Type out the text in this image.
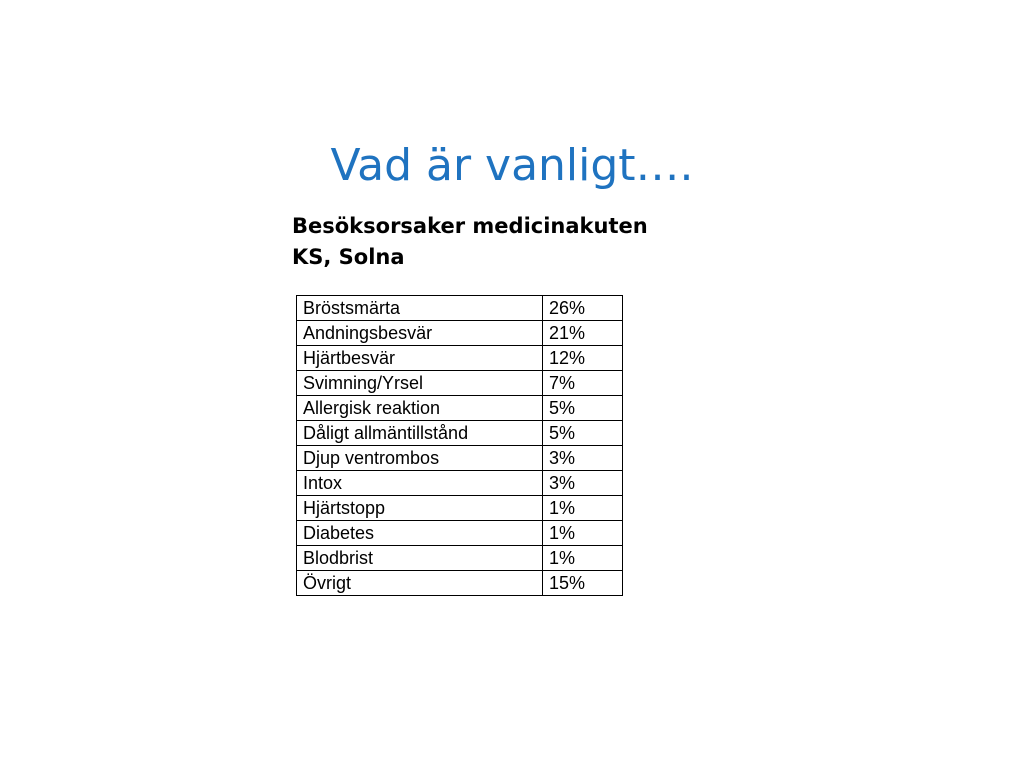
Vad är vanligt….
Besöksorsaker medicinakuten
KS, Solna
Bröstsmärta	26%
Andningsbesvär	21%
Hjärtbesvär	12%
Svimning/Yrsel	7%
Allergisk reaktion	5%
Dåligt allmäntillstånd	5%
Djup ventrombos	3%
Intox	3%
Hjärtstopp	1%
Diabetes	1%
Blodbrist	1%
Övrigt	15%
